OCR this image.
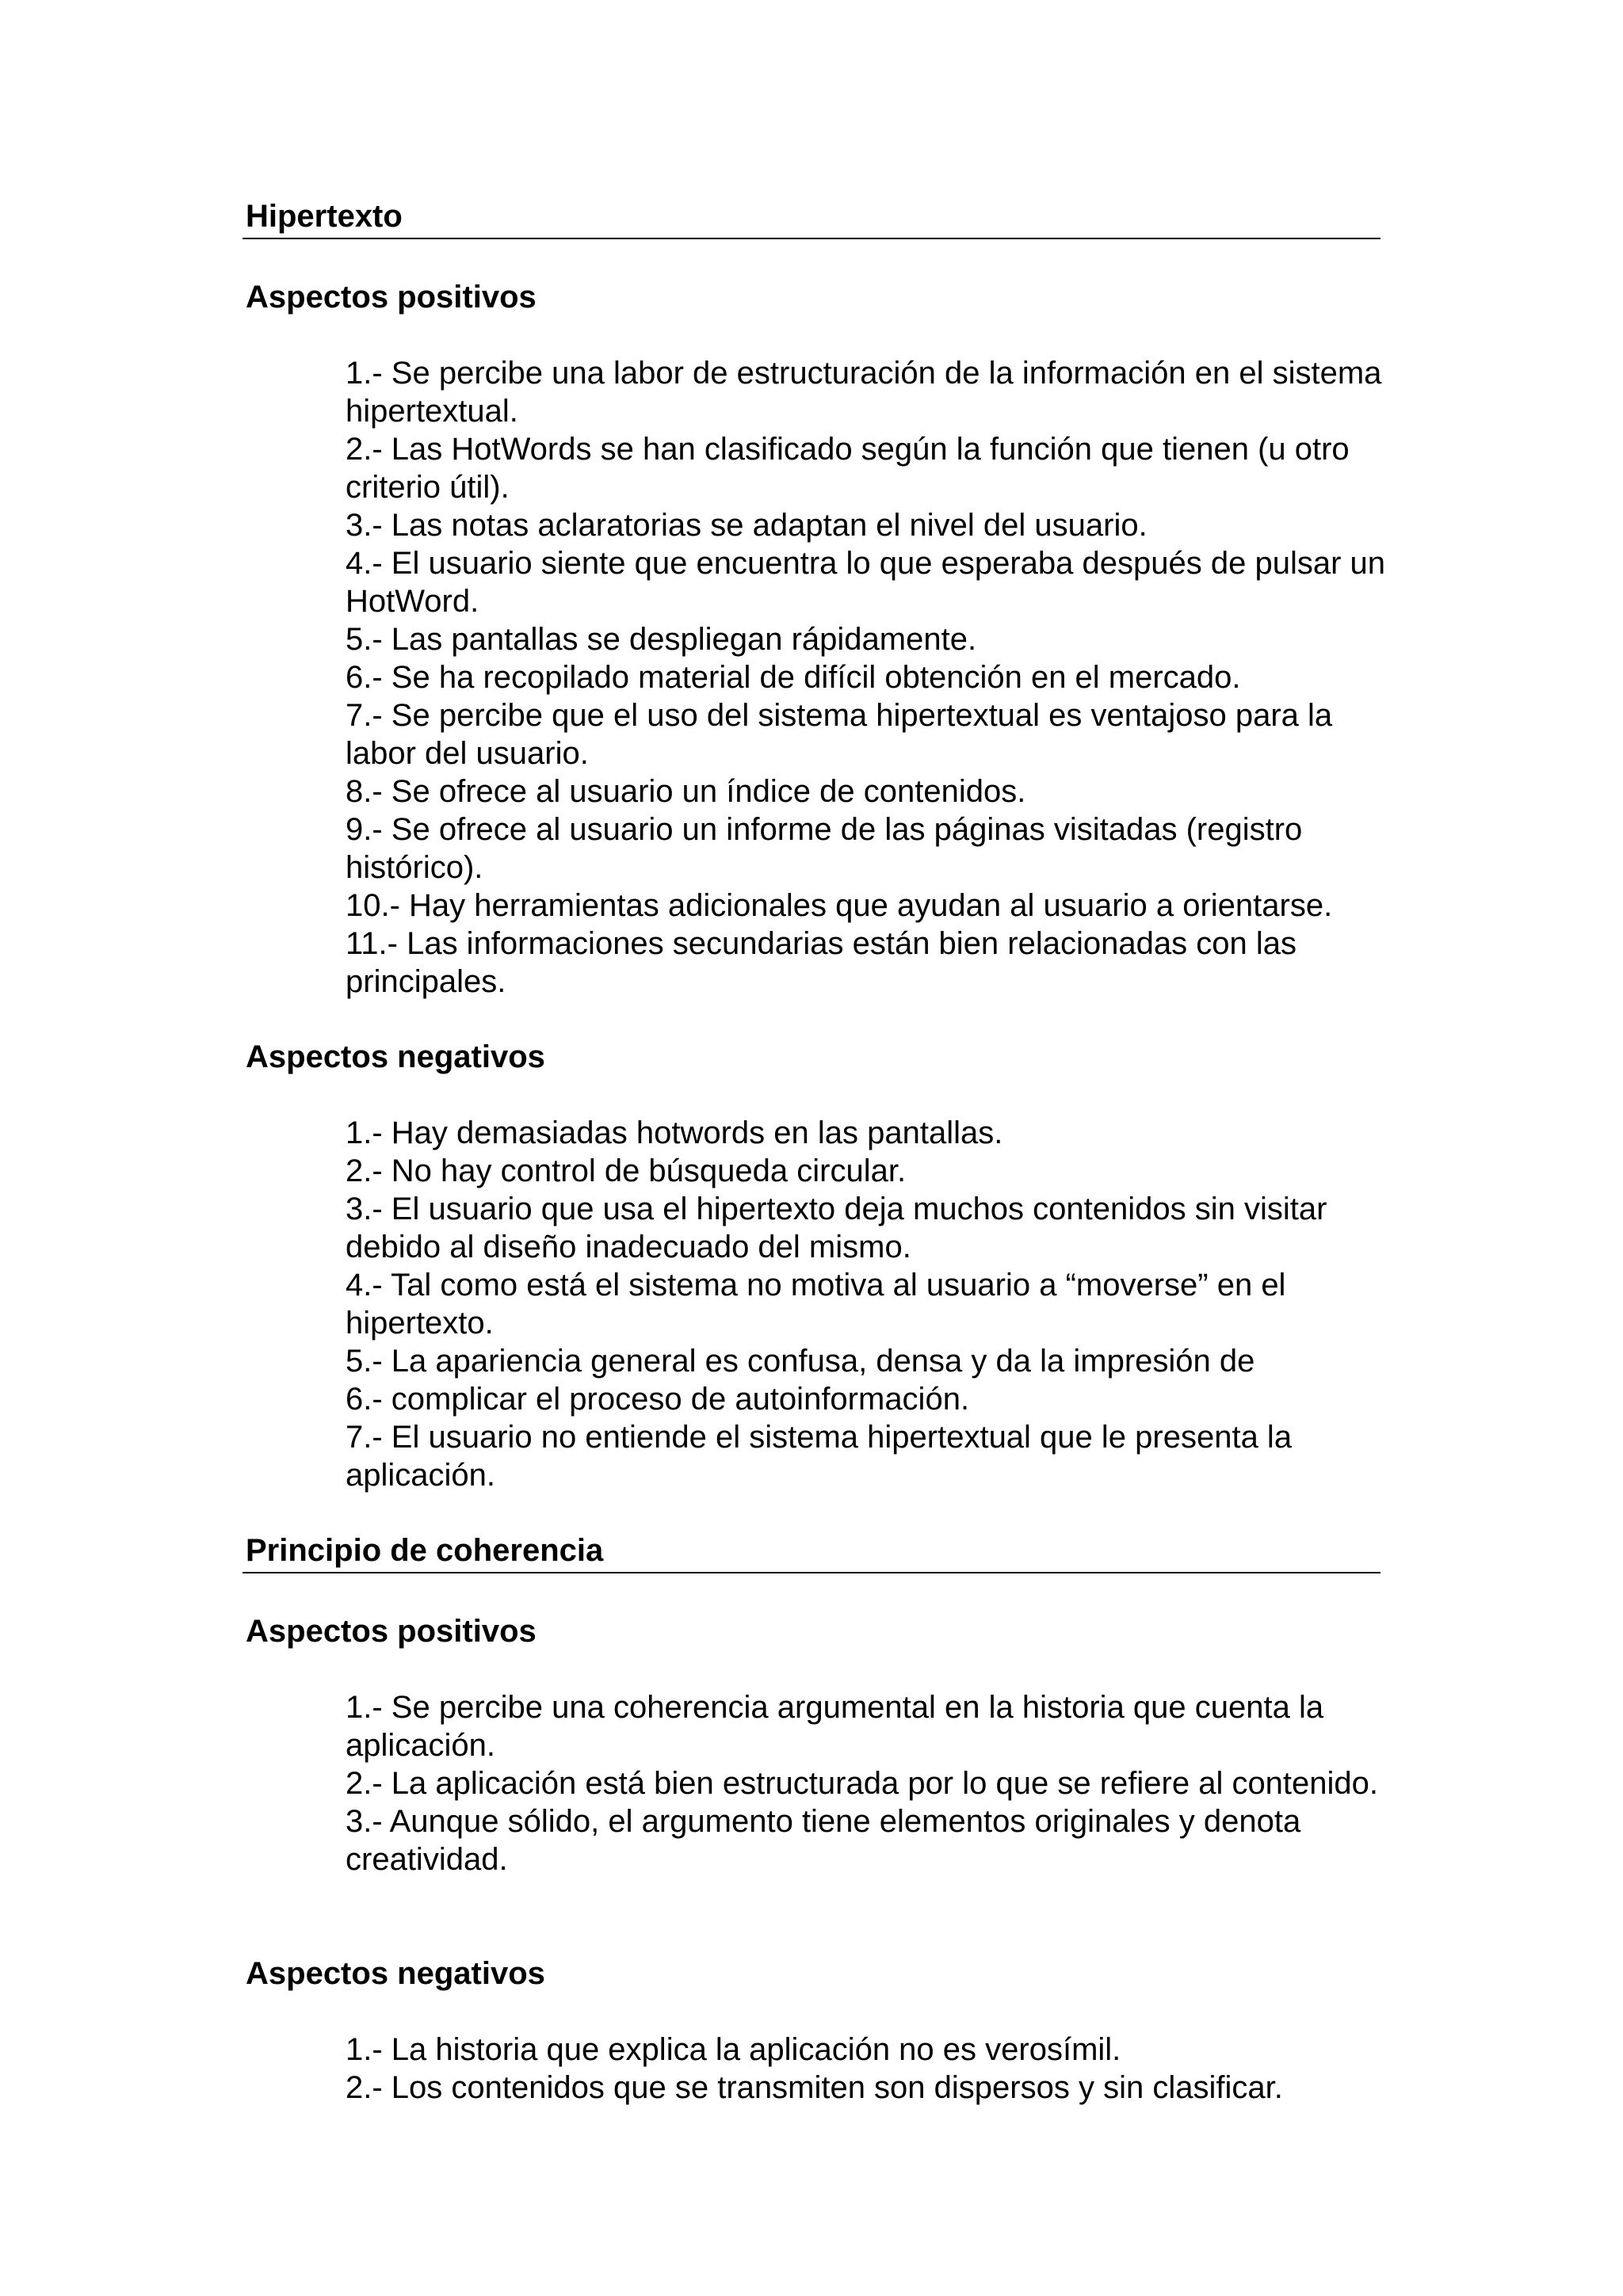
Hipertexto
Aspectos positivos
1.- Se percibe una labor de estructuración de la información en el sistema hipertextual.
2.- Las HotWords se han clasificado según la función que tienen (u otro criterio útil).
3.- Las notas aclaratorias se adaptan el nivel del usuario.
4.- El usuario siente que encuentra lo que esperaba después de pulsar un HotWord.
5.- Las pantallas se despliegan rápidamente.
6.- Se ha recopilado material de difícil obtención en el mercado.
7.- Se percibe que el uso del sistema hipertextual es ventajoso para la labor del usuario.
8.- Se ofrece al usuario un índice de contenidos.
9.- Se ofrece al usuario un informe de las páginas visitadas (registro histórico).
10.- Hay herramientas adicionales que ayudan al usuario a orientarse.
11.- Las informaciones secundarias están bien relacionadas con las principales.
Aspectos negativos
1.- Hay demasiadas hotwords en las pantallas.
2.- No hay control de búsqueda circular.
3.- El usuario que usa el hipertexto deja muchos contenidos sin visitar debido al diseño inadecuado del mismo.
4.- Tal como está el sistema no motiva al usuario a “moverse” en el hipertexto.
5.- La apariencia general es confusa, densa y da la impresión de
6.- complicar el proceso de autoinformación.
7.- El usuario no entiende el sistema hipertextual que le presenta la aplicación.
Principio de coherencia
Aspectos positivos
1.- Se percibe una coherencia argumental en la historia que cuenta la aplicación.
2.- La aplicación está bien estructurada por lo que se refiere al contenido.
3.- Aunque sólido, el argumento tiene elementos originales y denota creatividad.
Aspectos negativos
1.- La historia que explica la aplicación no es verosímil.
2.- Los contenidos que se transmiten son dispersos y sin clasificar.
